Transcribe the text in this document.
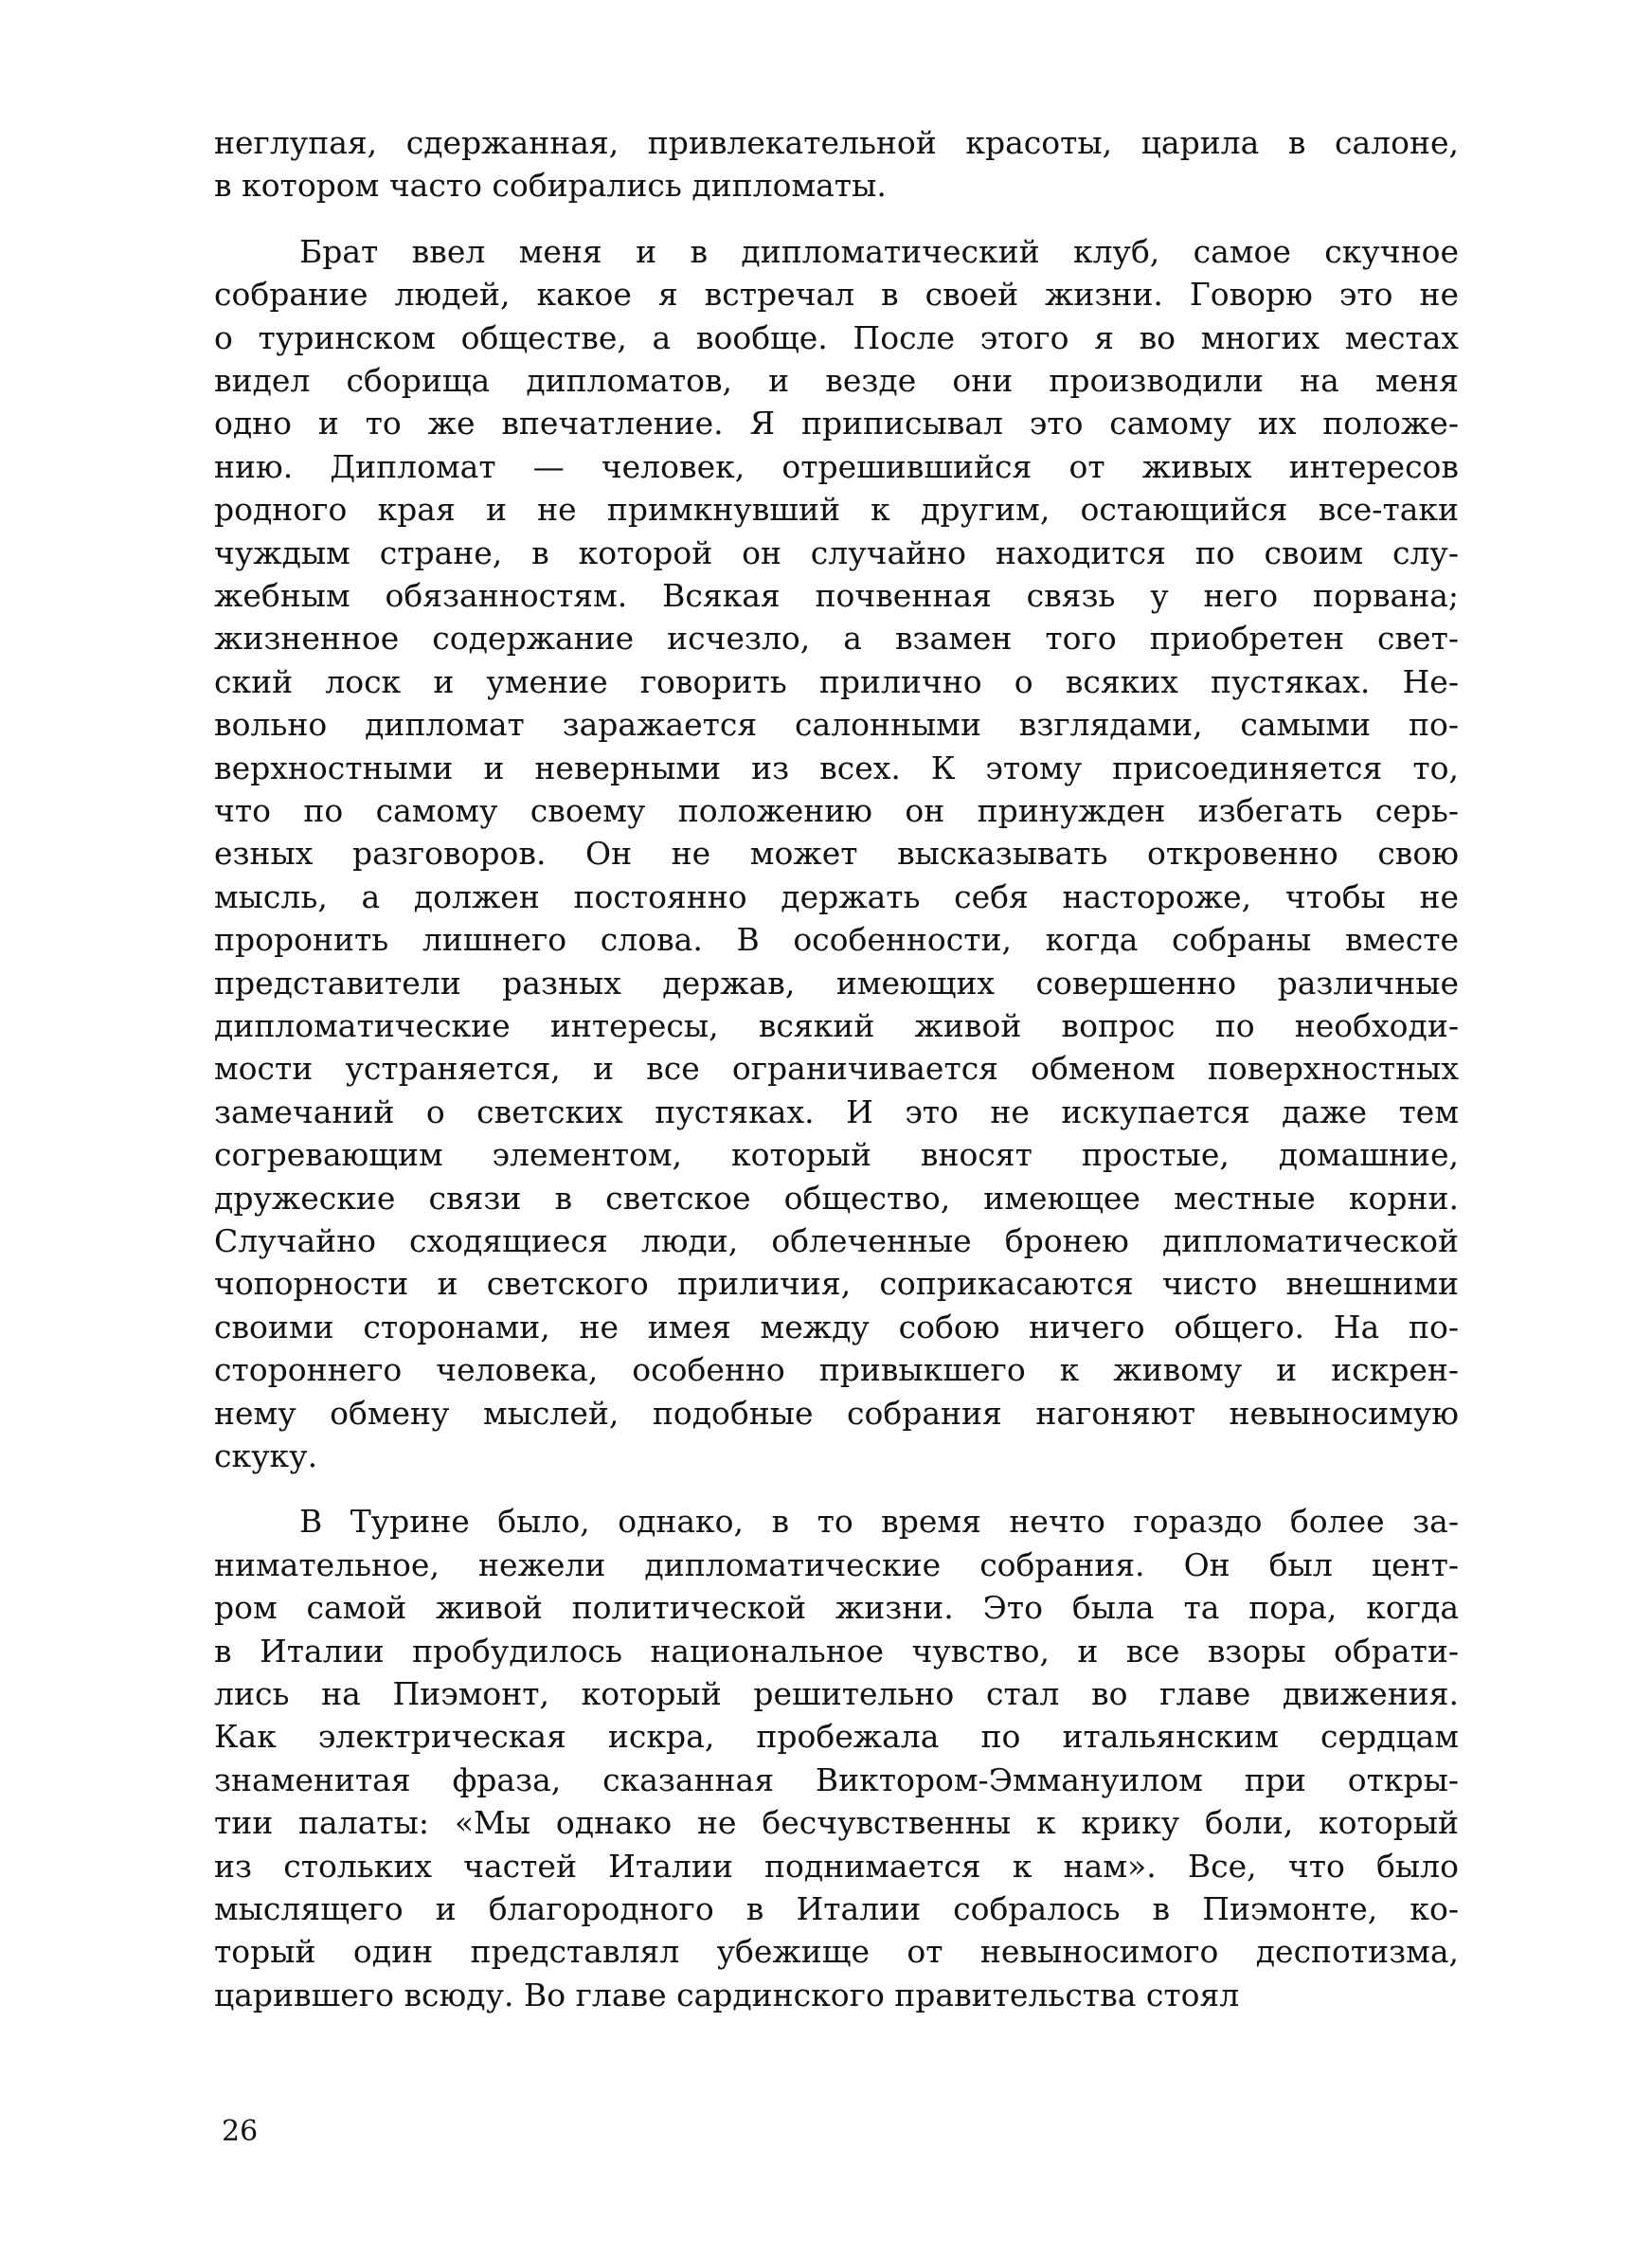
неглупая, сдержанная, привлекательной красоты, царила в салоне,
в котором часто собирались дипломаты.
Брат ввел меня и в дипломатический клуб, самое скучное
собрание людей, какое я встречал в своей жизни. Говорю это не
о туринском обществе, а вообще. После этого я во многих местах
видел сборища дипломатов, и везде они производили на меня
одно и то же впечатление. Я приписывал это самому их положе-
нию. Дипломат — человек, отрешившийся от живых интересов
родного края и не примкнувший к другим, остающийся все-таки
чуждым стране, в которой он случайно находится по своим слу-
жебным обязанностям. Всякая почвенная связь у него порвана;
жизненное содержание исчезло, а взамен того приобретен свет-
ский лоск и умение говорить прилично о всяких пустяках. Не-
вольно дипломат заражается салонными взглядами, самыми по-
верхностными и неверными из всех. К этому присоединяется то,
что по самому своему положению он принужден избегать серь-
езных разговоров. Он не может высказывать откровенно свою
мысль, а должен постоянно держать себя настороже, чтобы не
проронить лишнего слова. В особенности, когда собраны вместе
представители разных держав, имеющих совершенно различные
дипломатические интересы, всякий живой вопрос по необходи-
мости устраняется, и все ограничивается обменом поверхностных
замечаний о светских пустяках. И это не искупается даже тем
согревающим элементом, который вносят простые, домашние,
дружеские связи в светское общество, имеющее местные корни.
Случайно сходящиеся люди, облеченные бронею дипломатической
чопорности и светского приличия, соприкасаются чисто внешними
своими сторонами, не имея между собою ничего общего. На по-
стороннего человека, особенно привыкшего к живому и искрен-
нему обмену мыслей, подобные собрания нагоняют невыносимую
скуку.
В Турине было, однако, в то время нечто гораздо более за-
нимательное, нежели дипломатические собрания. Он был цент-
ром самой живой политической жизни. Это была та пора, когда
в Италии пробудилось национальное чувство, и все взоры обрати-
лись на Пиэмонт, который решительно стал во главе движения.
Как электрическая искра, пробежала по итальянским сердцам
знаменитая фраза, сказанная Виктором-Эммануилом при откры-
тии палаты: «Мы однако не бесчувственны к крику боли, который
из стольких частей Италии поднимается к нам». Все, что было
мыслящего и благородного в Италии собралось в Пиэмонте, ко-
торый один представлял убежище от невыносимого деспотизма,
царившего всюду. Во главе сардинского правительства стоял
26
